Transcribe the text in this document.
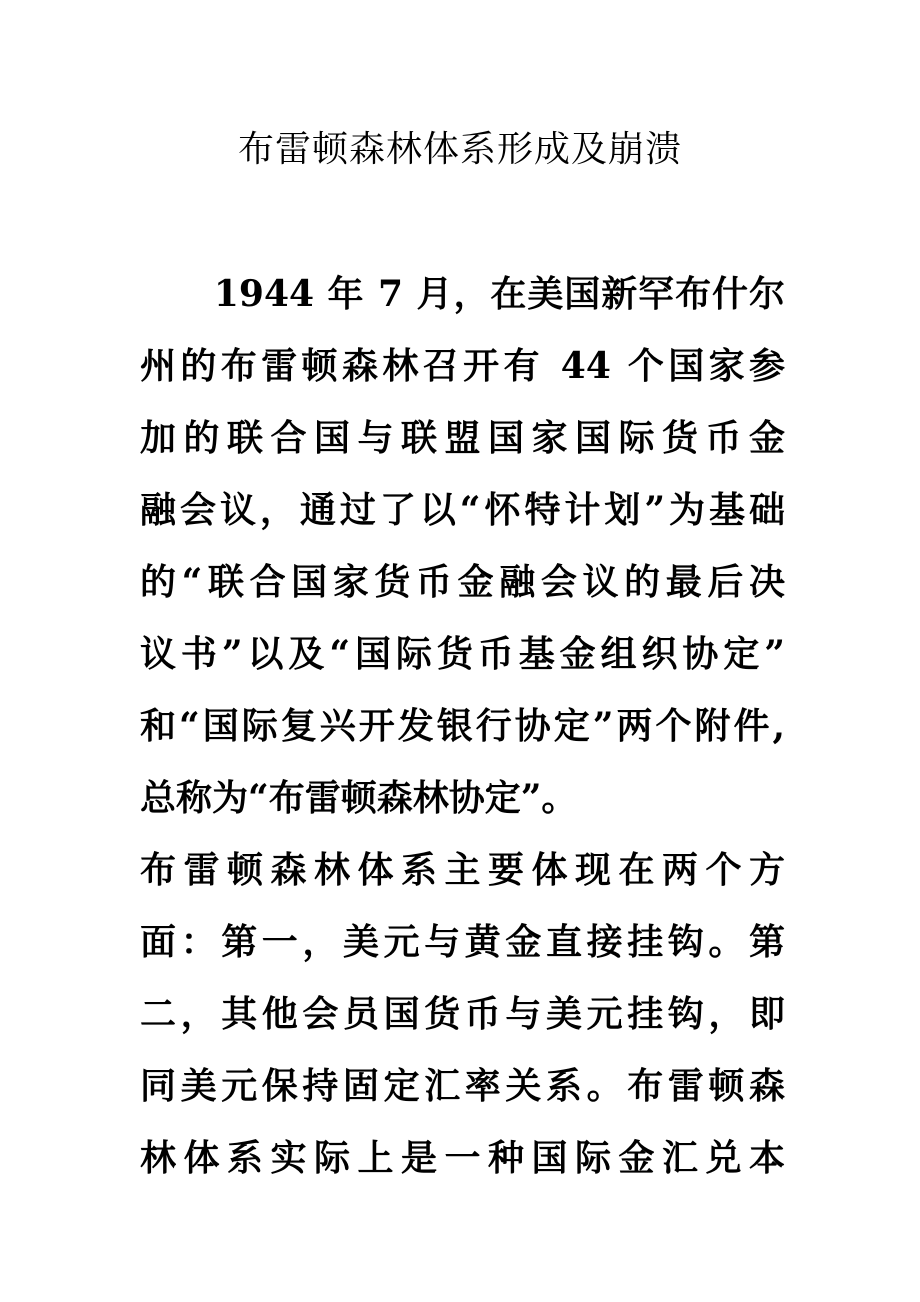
布雷顿森林体系形成及崩溃
　　1944 年 7 月，在美国新罕布什尔
州的布雷顿森林召开有 44 个国家参
加的联合国与联盟国家国际货币金
融会议，通过了以“怀特计划”为基础
的“联合国家货币金融会议的最后决
议书”以及“国际货币基金组织协定”
和“国际复兴开发银行协定”两个附件,
总称为“布雷顿森林协定”。
布雷顿森林体系主要体现在两个方
面：第一，美元与黄金直接挂钩。第
二，其他会员国货币与美元挂钩，即
同美元保持固定汇率关系。布雷顿森
林体系实际上是一种国际金汇兑本
